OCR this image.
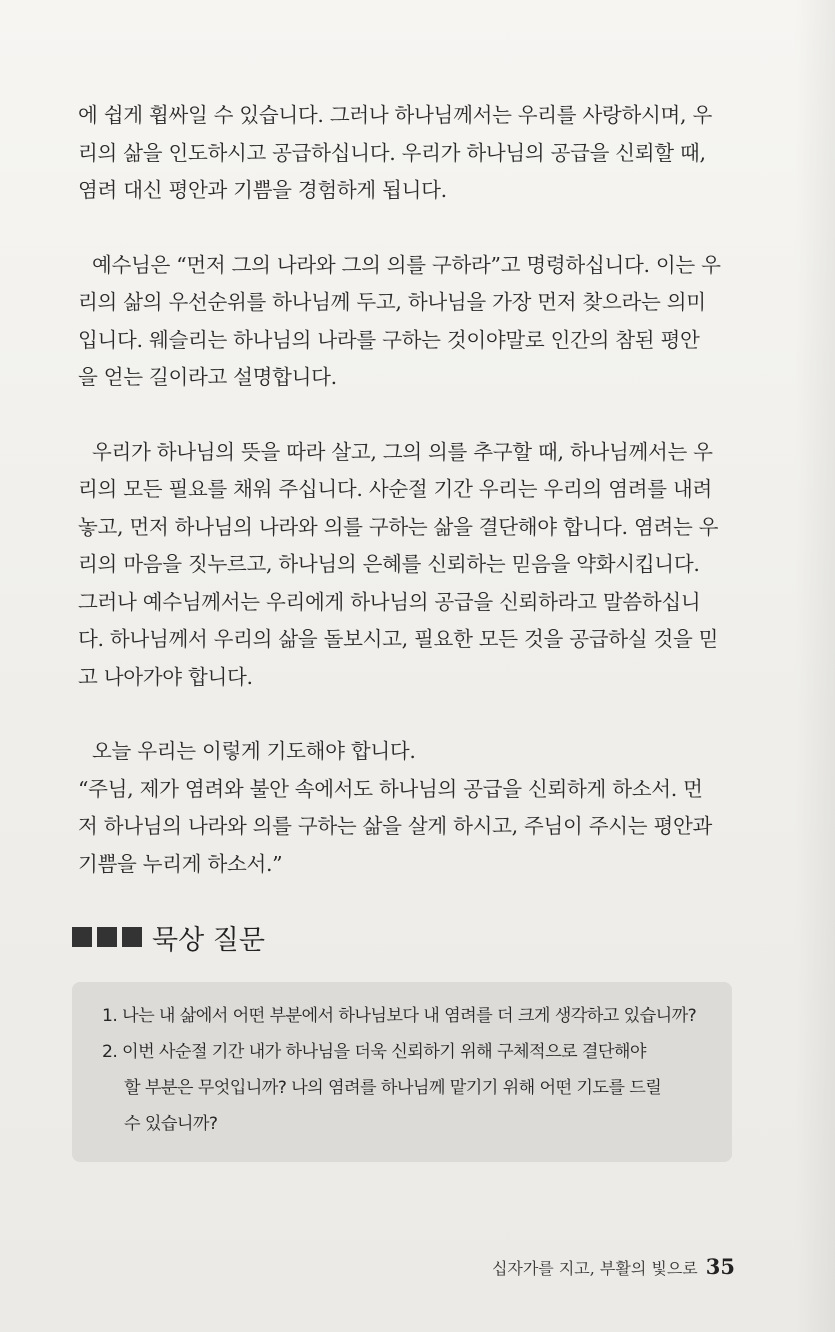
에 쉽게 휩싸일 수 있습니다. 그러나 하나님께서는 우리를 사랑하시며, 우
리의 삶을 인도하시고 공급하십니다. 우리가 하나님의 공급을 신뢰할 때,
염려 대신 평안과 기쁨을 경험하게 됩니다.

예수님은 “먼저 그의 나라와 그의 의를 구하라”고 명령하십니다. 이는 우
리의 삶의 우선순위를 하나님께 두고, 하나님을 가장 먼저 찾으라는 의미
입니다. 웨슬리는 하나님의 나라를 구하는 것이야말로 인간의 참된 평안
을 얻는 길이라고 설명합니다.

우리가 하나님의 뜻을 따라 살고, 그의 의를 추구할 때, 하나님께서는 우
리의 모든 필요를 채워 주십니다. 사순절 기간 우리는 우리의 염려를 내려
놓고, 먼저 하나님의 나라와 의를 구하는 삶을 결단해야 합니다. 염려는 우
리의 마음을 짓누르고, 하나님의 은혜를 신뢰하는 믿음을 약화시킵니다.
그러나 예수님께서는 우리에게 하나님의 공급을 신뢰하라고 말씀하십니
다. 하나님께서 우리의 삶을 돌보시고, 필요한 모든 것을 공급하실 것을 믿
고 나아가야 합니다.

오늘 우리는 이렇게 기도해야 합니다.
“주님, 제가 염려와 불안 속에서도 하나님의 공급을 신뢰하게 하소서. 먼
저 하나님의 나라와 의를 구하는 삶을 살게 하시고, 주님이 주시는 평안과
기쁨을 누리게 하소서.”

묵상 질문

1. 나는 내 삶에서 어떤 부분에서 하나님보다 내 염려를 더 크게 생각하고 있습니까?

2. 이번 사순절 기간 내가 하나님을 더욱 신뢰하기 위해 구체적으로 결단해야
할 부분은 무엇입니까? 나의 염려를 하나님께 맡기기 위해 어떤 기도를 드릴
수 있습니까?

십자가를 지고, 부활의 빛으로 35
